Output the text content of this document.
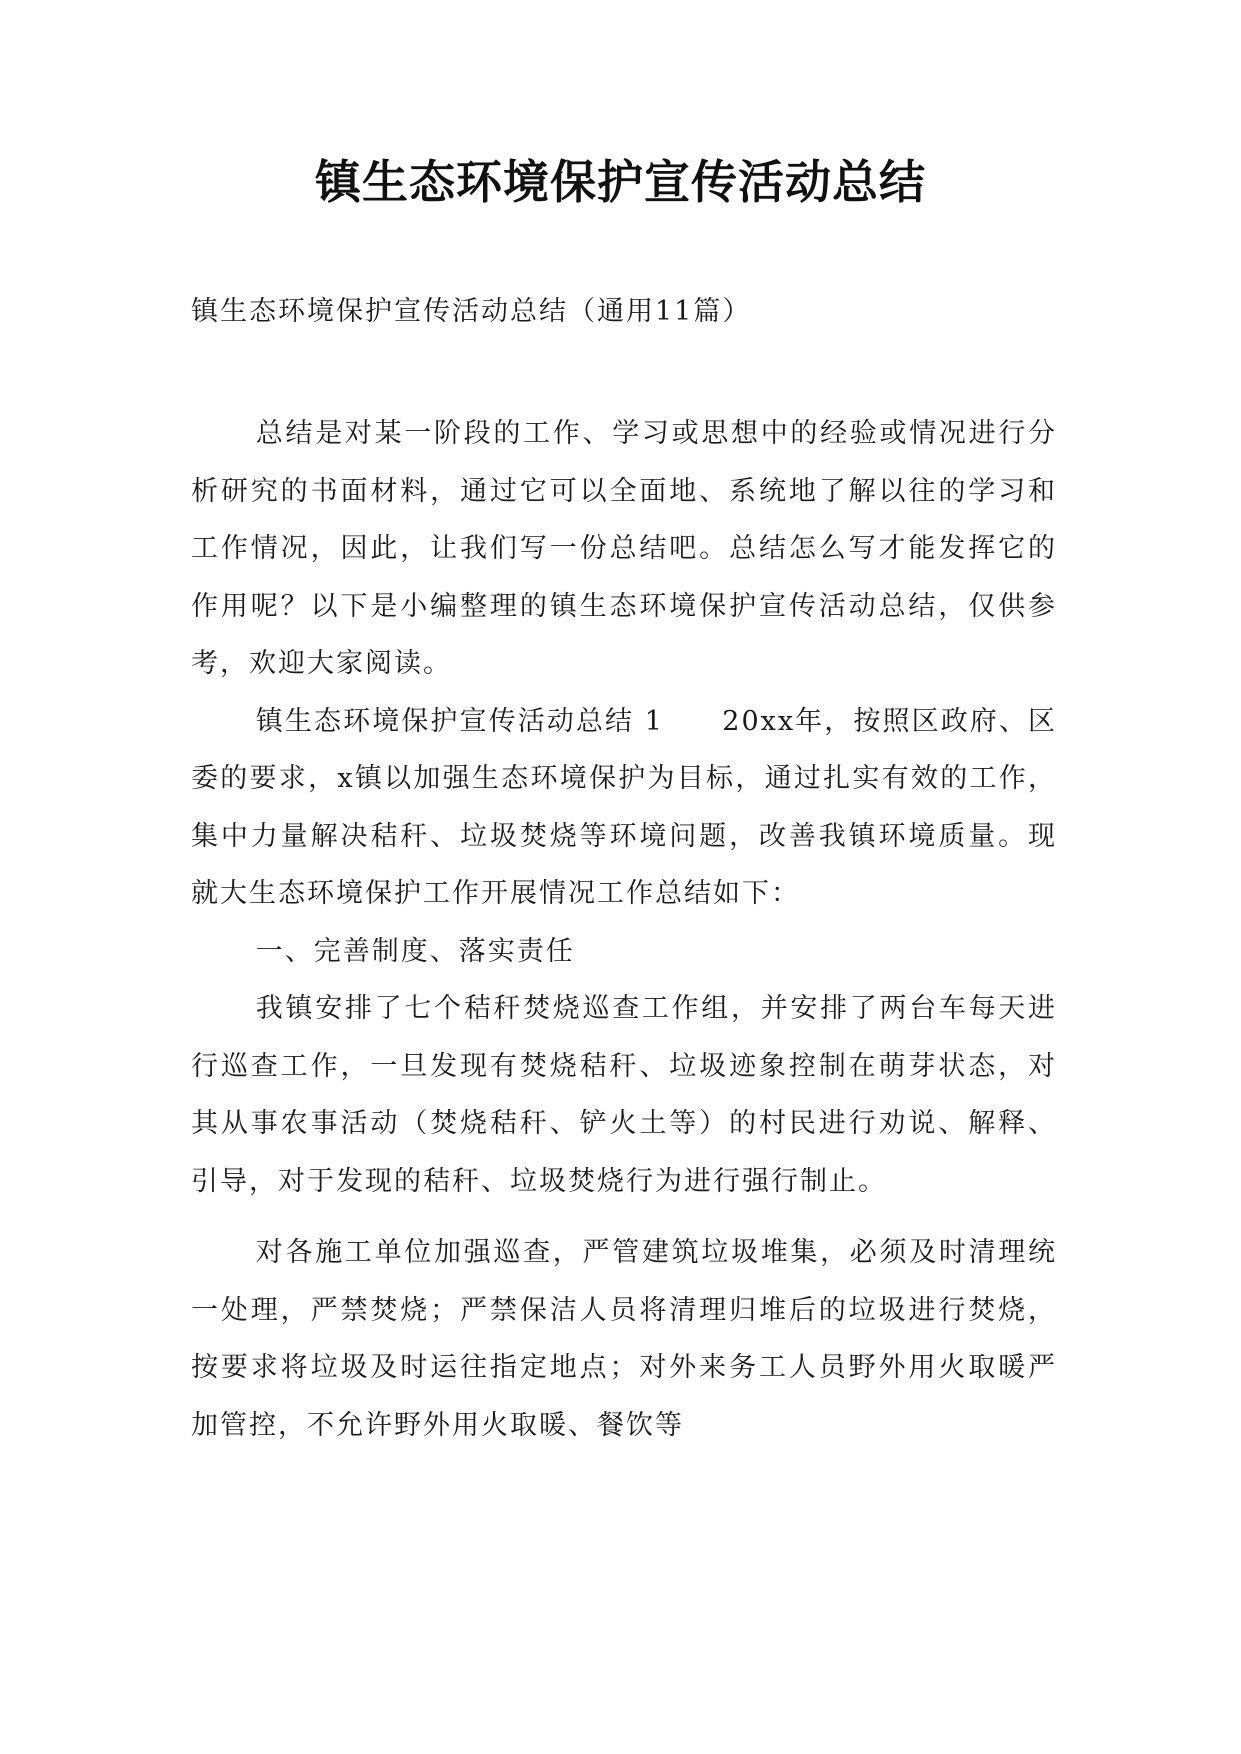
镇生态环境保护宣传活动总结
镇生态环境保护宣传活动总结（通用11篇）

总结是对某一阶段的工作、学习或思想中的经验或情况进行分析研究的书面材料，通过它可以全面地、系统地了解以往的学习和工作情况，因此，让我们写一份总结吧。总结怎么写才能发挥它的作用呢？以下是小编整理的镇生态环境保护宣传活动总结，仅供参考，欢迎大家阅读。

镇生态环境保护宣传活动总结 1　　20xx年，按照区政府、区委的要求，x镇以加强生态环境保护为目标，通过扎实有效的工作，集中力量解决秸秆、垃圾焚烧等环境问题，改善我镇环境质量。现就大生态环境保护工作开展情况工作总结如下：

一、完善制度、落实责任

我镇安排了七个秸秆焚烧巡查工作组，并安排了两台车每天进行巡查工作，一旦发现有焚烧秸秆、垃圾迹象控制在萌芽状态，对其从事农事活动（焚烧秸秆、铲火土等）的村民进行劝说、解释、引导，对于发现的秸秆、垃圾焚烧行为进行强行制止。

对各施工单位加强巡查，严管建筑垃圾堆集，必须及时清理统一处理，严禁焚烧；严禁保洁人员将清理归堆后的垃圾进行焚烧，按要求将垃圾及时运往指定地点；对外来务工人员野外用火取暖严加管控，不允许野外用火取暖、餐饮等
